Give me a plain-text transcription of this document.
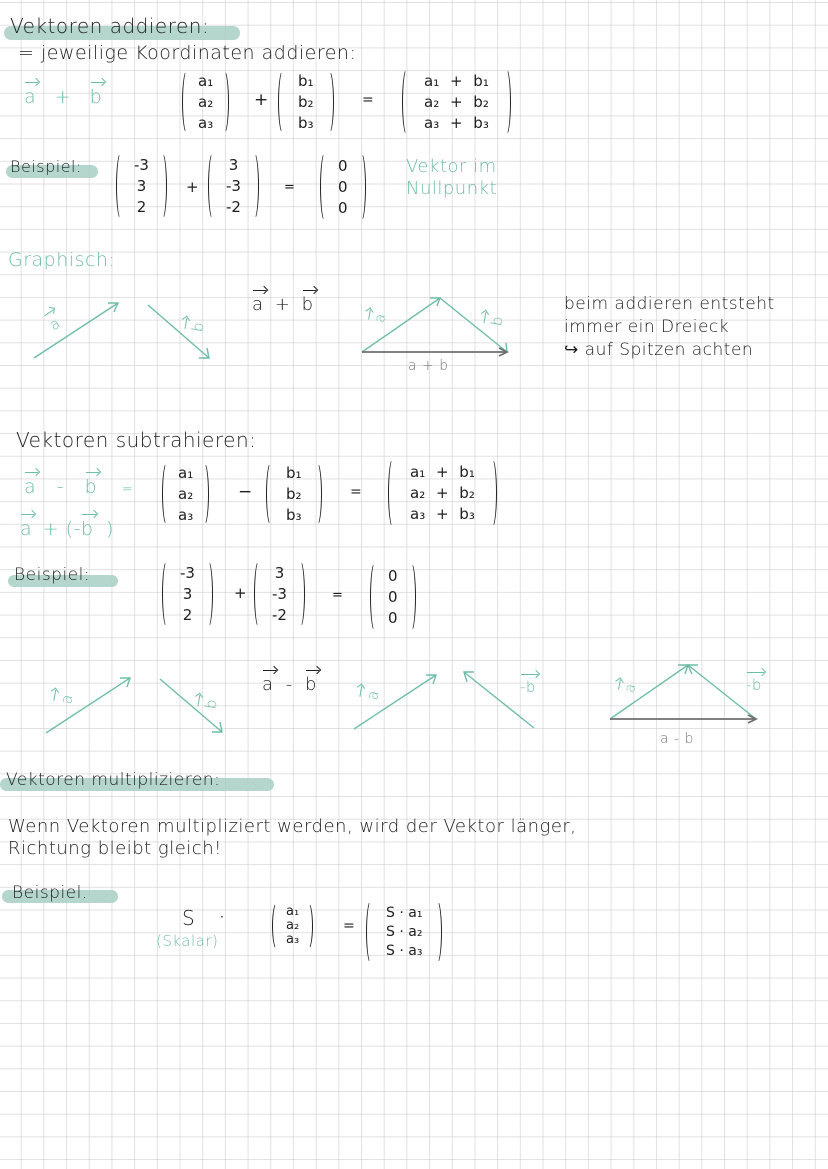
Vektoren addieren:
= jeweilige Koordinaten addieren:
a + b
a₁
a₂
a₃
+
b₁
b₂
b₃
=
a₁ + b₁
a₂ + b₂
a₃ + b₃
Beispiel:	-3
3
2
+
3
-3
-2
=
0
0
0
Vektor im
Nullpunkt
Graphisch:
a	b
a + b
a	b
a + b
beim addieren entsteht
immer ein Dreieck
↪ auf Spitzen achten
Vektoren subtrahieren:
a - b =
a + (-b )
a₁
a₂
a₃
−
b₁
b₂
b₃
=
a₁ + b₁
a₂ + b₂
a₃ + b₃
Beispiel:	-3
3
2
+
3
-3
-2
=
0
0
0
a	b
a - b	a	-b	a	-b
a - b
Vektoren multiplizieren:
Wenn Vektoren multipliziert werden, wird der Vektor länger,
Richtung bleibt gleich!
Beispiel.
S
(Skalar)
·	a₁
a₂
a₃
=
S · a₁
S · a₂
S · a₃
